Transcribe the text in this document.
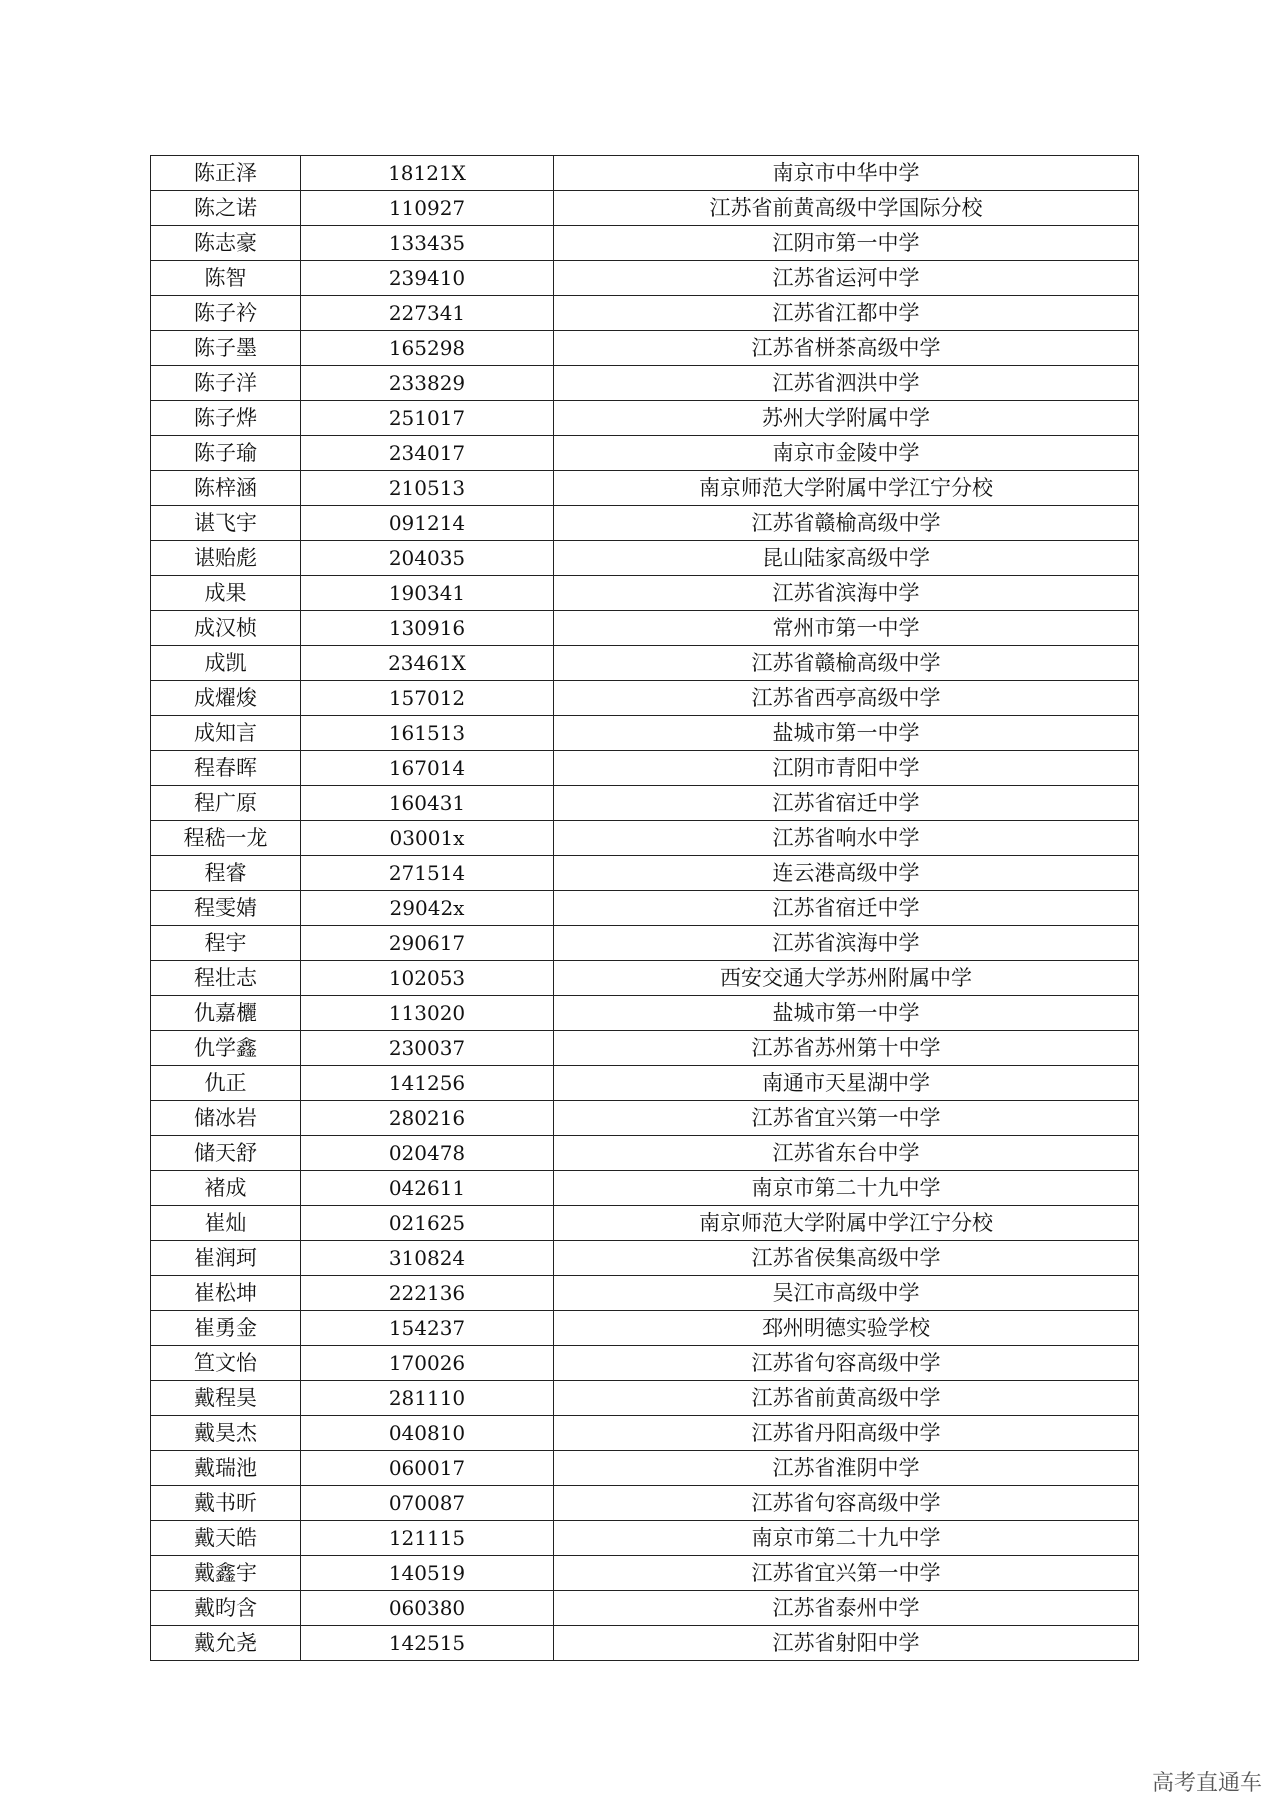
陈正泽	18121X	南京市中华中学
陈之诺	110927	江苏省前黄高级中学国际分校
陈志豪	133435	江阴市第一中学
陈智	239410	江苏省运河中学
陈子衿	227341	江苏省江都中学
陈子墨	165298	江苏省栟茶高级中学
陈子洋	233829	江苏省泗洪中学
陈子烨	251017	苏州大学附属中学
陈子瑜	234017	南京市金陵中学
陈梓涵	210513	南京师范大学附属中学江宁分校
谌飞宇	091214	江苏省赣榆高级中学
谌贻彪	204035	昆山陆家高级中学
成果	190341	江苏省滨海中学
成汉桢	130916	常州市第一中学
成凯	23461X	江苏省赣榆高级中学
成燿焌	157012	江苏省西亭高级中学
成知言	161513	盐城市第一中学
程春晖	167014	江阴市青阳中学
程广原	160431	江苏省宿迁中学
程嵇一龙	03001x	江苏省响水中学
程睿	271514	连云港高级中学
程雯婧	29042x	江苏省宿迁中学
程宇	290617	江苏省滨海中学
程壮志	102053	西安交通大学苏州附属中学
仇嘉欐	113020	盐城市第一中学
仇学鑫	230037	江苏省苏州第十中学
仇正	141256	南通市天星湖中学
储冰岩	280216	江苏省宜兴第一中学
储天舒	020478	江苏省东台中学
褚成	042611	南京市第二十九中学
崔灿	021625	南京师范大学附属中学江宁分校
崔润珂	310824	江苏省侯集高级中学
崔松坤	222136	吴江市高级中学
崔勇金	154237	邳州明德实验学校
笪文怡	170026	江苏省句容高级中学
戴程昊	281110	江苏省前黄高级中学
戴昊杰	040810	江苏省丹阳高级中学
戴瑞池	060017	江苏省淮阴中学
戴书昕	070087	江苏省句容高级中学
戴天皓	121115	南京市第二十九中学
戴鑫宇	140519	江苏省宜兴第一中学
戴昀含	060380	江苏省泰州中学
戴允尧	142515	江苏省射阳中学
高考直通车
